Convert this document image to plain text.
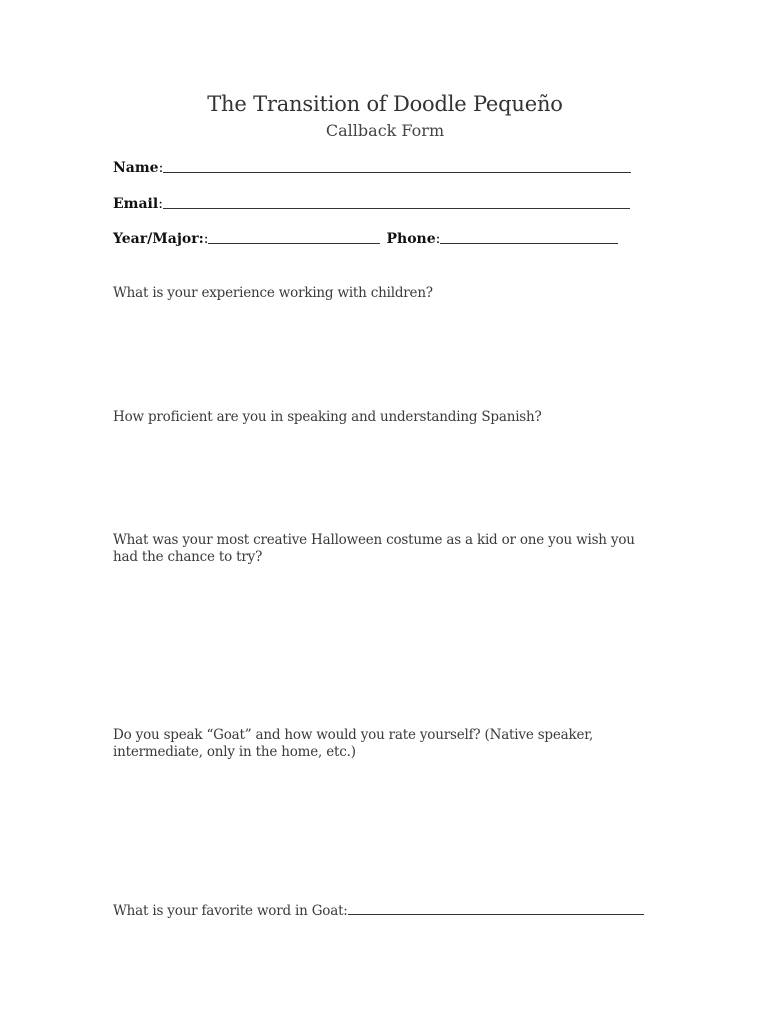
The Transition of Doodle Pequeño
Callback Form
Name :
Email :
Year/Major: :	Phone :
What is your experience working with children?
How proficient are you in speaking and understanding Spanish?
What was your most creative Halloween costume as a kid or one you wish you had the chance to try?
Do you speak “Goat” and how would you rate yourself? (Native speaker, intermediate, only in the home, etc.)
What is your favorite word in Goat:
